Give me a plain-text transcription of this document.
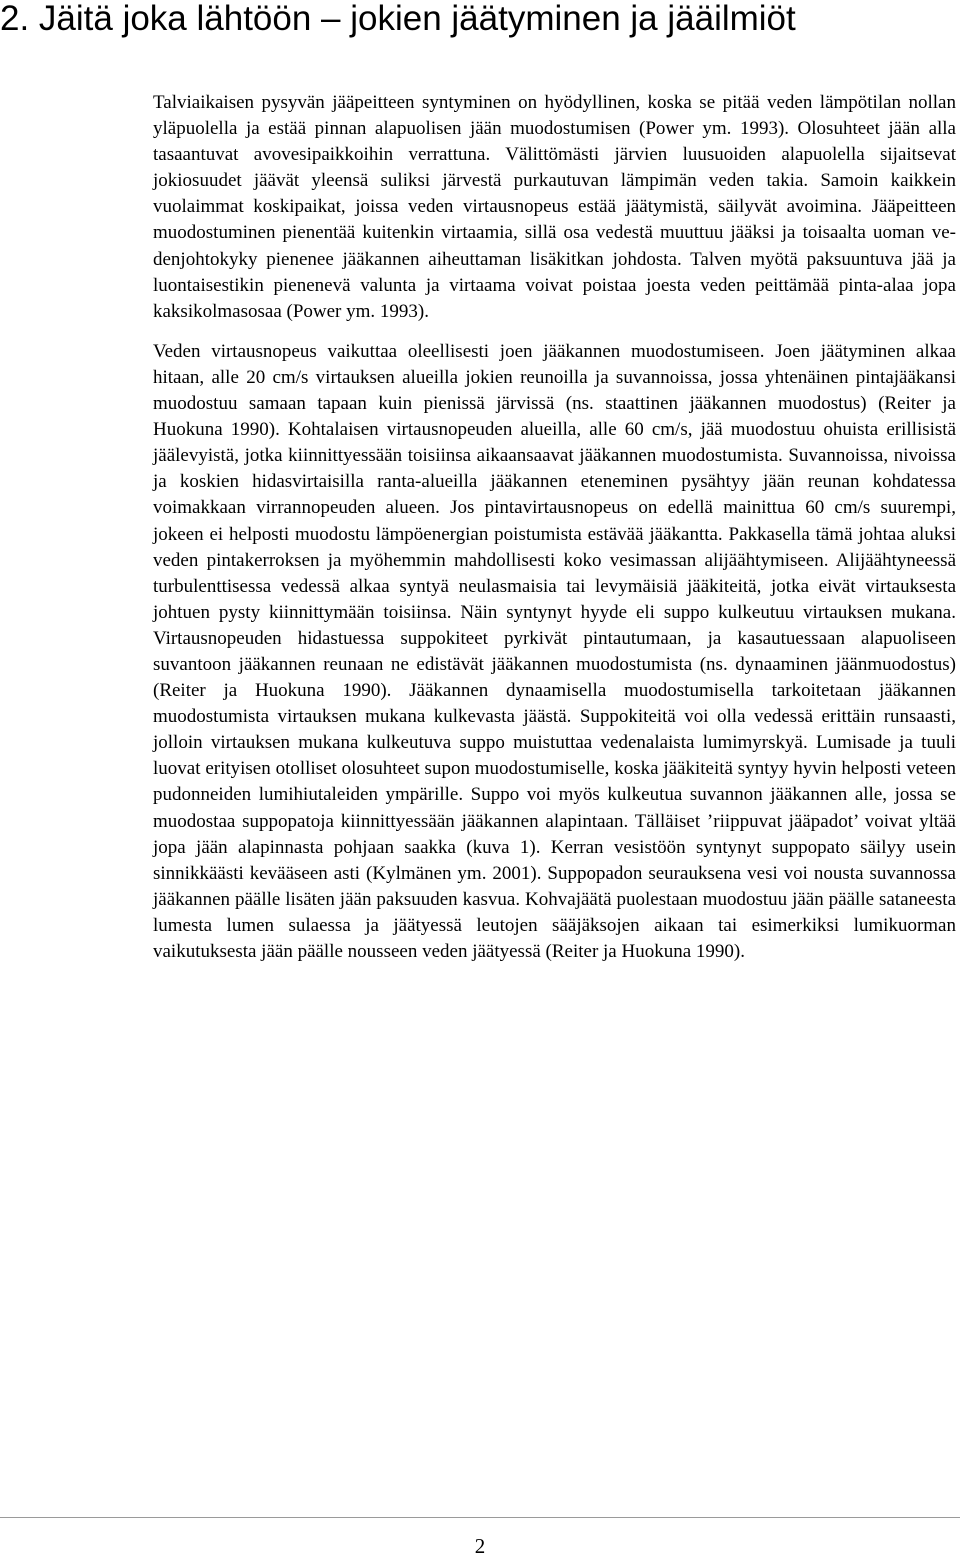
2. Jäitä joka lähtöön – jokien jäätyminen ja jääilmiöt

Talviaikaisen pysyvän jääpeitteen syntyminen on hyödyllinen, koska se pitää veden lämpötilan nollan yläpuolella ja estää pinnan alapuolisen jään muodostumisen (Power ym. 1993). Olosuhteet jään alla tasaantuvat avovesipaikkoihin verrattuna. Välittömästi järvien luusuoiden alapuolella sijaitsevat jokiosuudet jäävät yleensä suliksi järvestä purkautuvan lämpimän veden takia. Samoin kaikkein vuolaimmat koskipaikat, joissa veden virtausnopeus estää jäätymistä, säilyvät avoimina. Jääpeitteen muodostuminen pienentää kuitenkin virtaamia, sillä osa vedestä muuttuu jääksi ja toisaalta uoman vedenjohtokyky pienenee jääkannen aiheuttaman lisäkitkan johdosta. Talven myötä paksuuntuva jää ja luontaisestikin pienenevä valunta ja virtaama voivat poistaa joesta veden peittämää pinta-alaa jopa kaksikolmasosaa (Power ym. 1993).

Veden virtausnopeus vaikuttaa oleellisesti joen jääkannen muodostumiseen. Joen jäätyminen alkaa hitaan, alle 20 cm/s virtauksen alueilla jokien reunoilla ja suvannoissa, jossa yhtenäinen pintajääkansi muodostuu samaan tapaan kuin pienissä järvissä (ns. staattinen jääkannen muodostus) (Reiter ja Huokuna 1990). Kohtalaisen virtausnopeuden alueilla, alle 60 cm/s, jää muodostuu ohuista erillisistä jäälevyistä, jotka kiinnittyessään toisiinsa aikaansaavat jääkannen muodostumista. Suvannoissa, nivoissa ja koskien hidasvirtaisilla ranta-alueilla jääkannen eteneminen pysähtyy jään reunan kohdatessa voimakkaan virrannopeuden alueen. Jos pintavirtausnopeus on edellä mainittua 60 cm/s suurempi, jokeen ei helposti muodostu lämpöenergian poistumista estävää jääkantta. Pakkasella tämä johtaa aluksi veden pintakerroksen ja myöhemmin mahdollisesti koko vesimassan alijäähtymiseen. Alijäähtyneessä turbulenttisessa vedessä alkaa syntyä neulasmaisia tai levymäisiä jääkiteitä, jotka eivät virtauksesta johtuen pysty kiinnittymään toisiinsa. Näin syntynyt hyyde eli suppo kulkeutuu virtauksen mukana. Virtausnopeuden hidastuessa suppokiteet pyrkivät pintautumaan, ja kasautuessaan alapuoliseen suvantoon jääkannen reunaan ne edistävät jääkannen muodostumista (ns. dynaaminen jäänmuodostus) (Reiter ja Huokuna 1990). Jääkannen dynaamisella muodostumisella tarkoitetaan jääkannen muodostumista virtauksen mukana kulkevasta jäästä. Suppokiteitä voi olla vedessä erittäin runsaasti, jolloin virtauksen mukana kulkeutuva suppo muistuttaa vedenalaista lumimyrskyä. Lumisade ja tuuli luovat erityisen otolliset olosuhteet supon muodostumiselle, koska jääkiteitä syntyy hyvin helposti veteen pudonneiden lumihiutaleiden ympärille. Suppo voi myös kulkeutua suvannon jääkannen alle, jossa se muodostaa suppopatoja kiinnittyessään jääkannen alapintaan. Tälläiset ’riippuvat jääpadot’ voivat yltää jopa jään alapinnasta pohjaan saakka (kuva 1). Kerran vesistöön syntynyt suppopato säilyy usein sinnikkäästi kevääseen asti (Kylmänen ym. 2001). Suppopadon seurauksena vesi voi nousta suvannossa jääkannen päälle lisäten jään paksuuden kasvua. Kohvajäätä puolestaan muodostuu jään päälle sataneesta lumesta lumen sulaessa ja jäätyessä leutojen sääjäksojen aikaan tai esimerkiksi lumikuorman vaikutuksesta jään päälle nousseen veden jäätyessä (Reiter ja Huokuna 1990).

2
